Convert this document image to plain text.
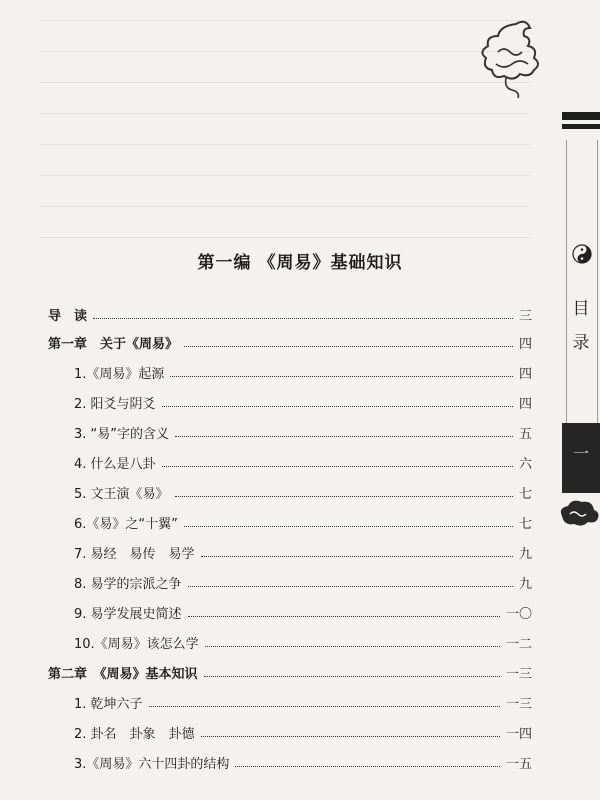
目
录
一
第一编 《周易》基础知识
导　读	三
第一章　关于《周易》	四
1.《周易》起源	四
2. 阳爻与阴爻	四
3. “易”字的含义	五
4. 什么是八卦	六
5. 文王演《易》	七
6.《易》之“十翼”	七
7. 易经　易传　易学	九
8. 易学的宗派之争	九
9. 易学发展史简述	一〇
10.《周易》该怎么学	一二
第二章　《周易》基本知识	一三
1. 乾坤六子	一三
2. 卦名　卦象　卦德	一四
3.《周易》六十四卦的结构	一五
